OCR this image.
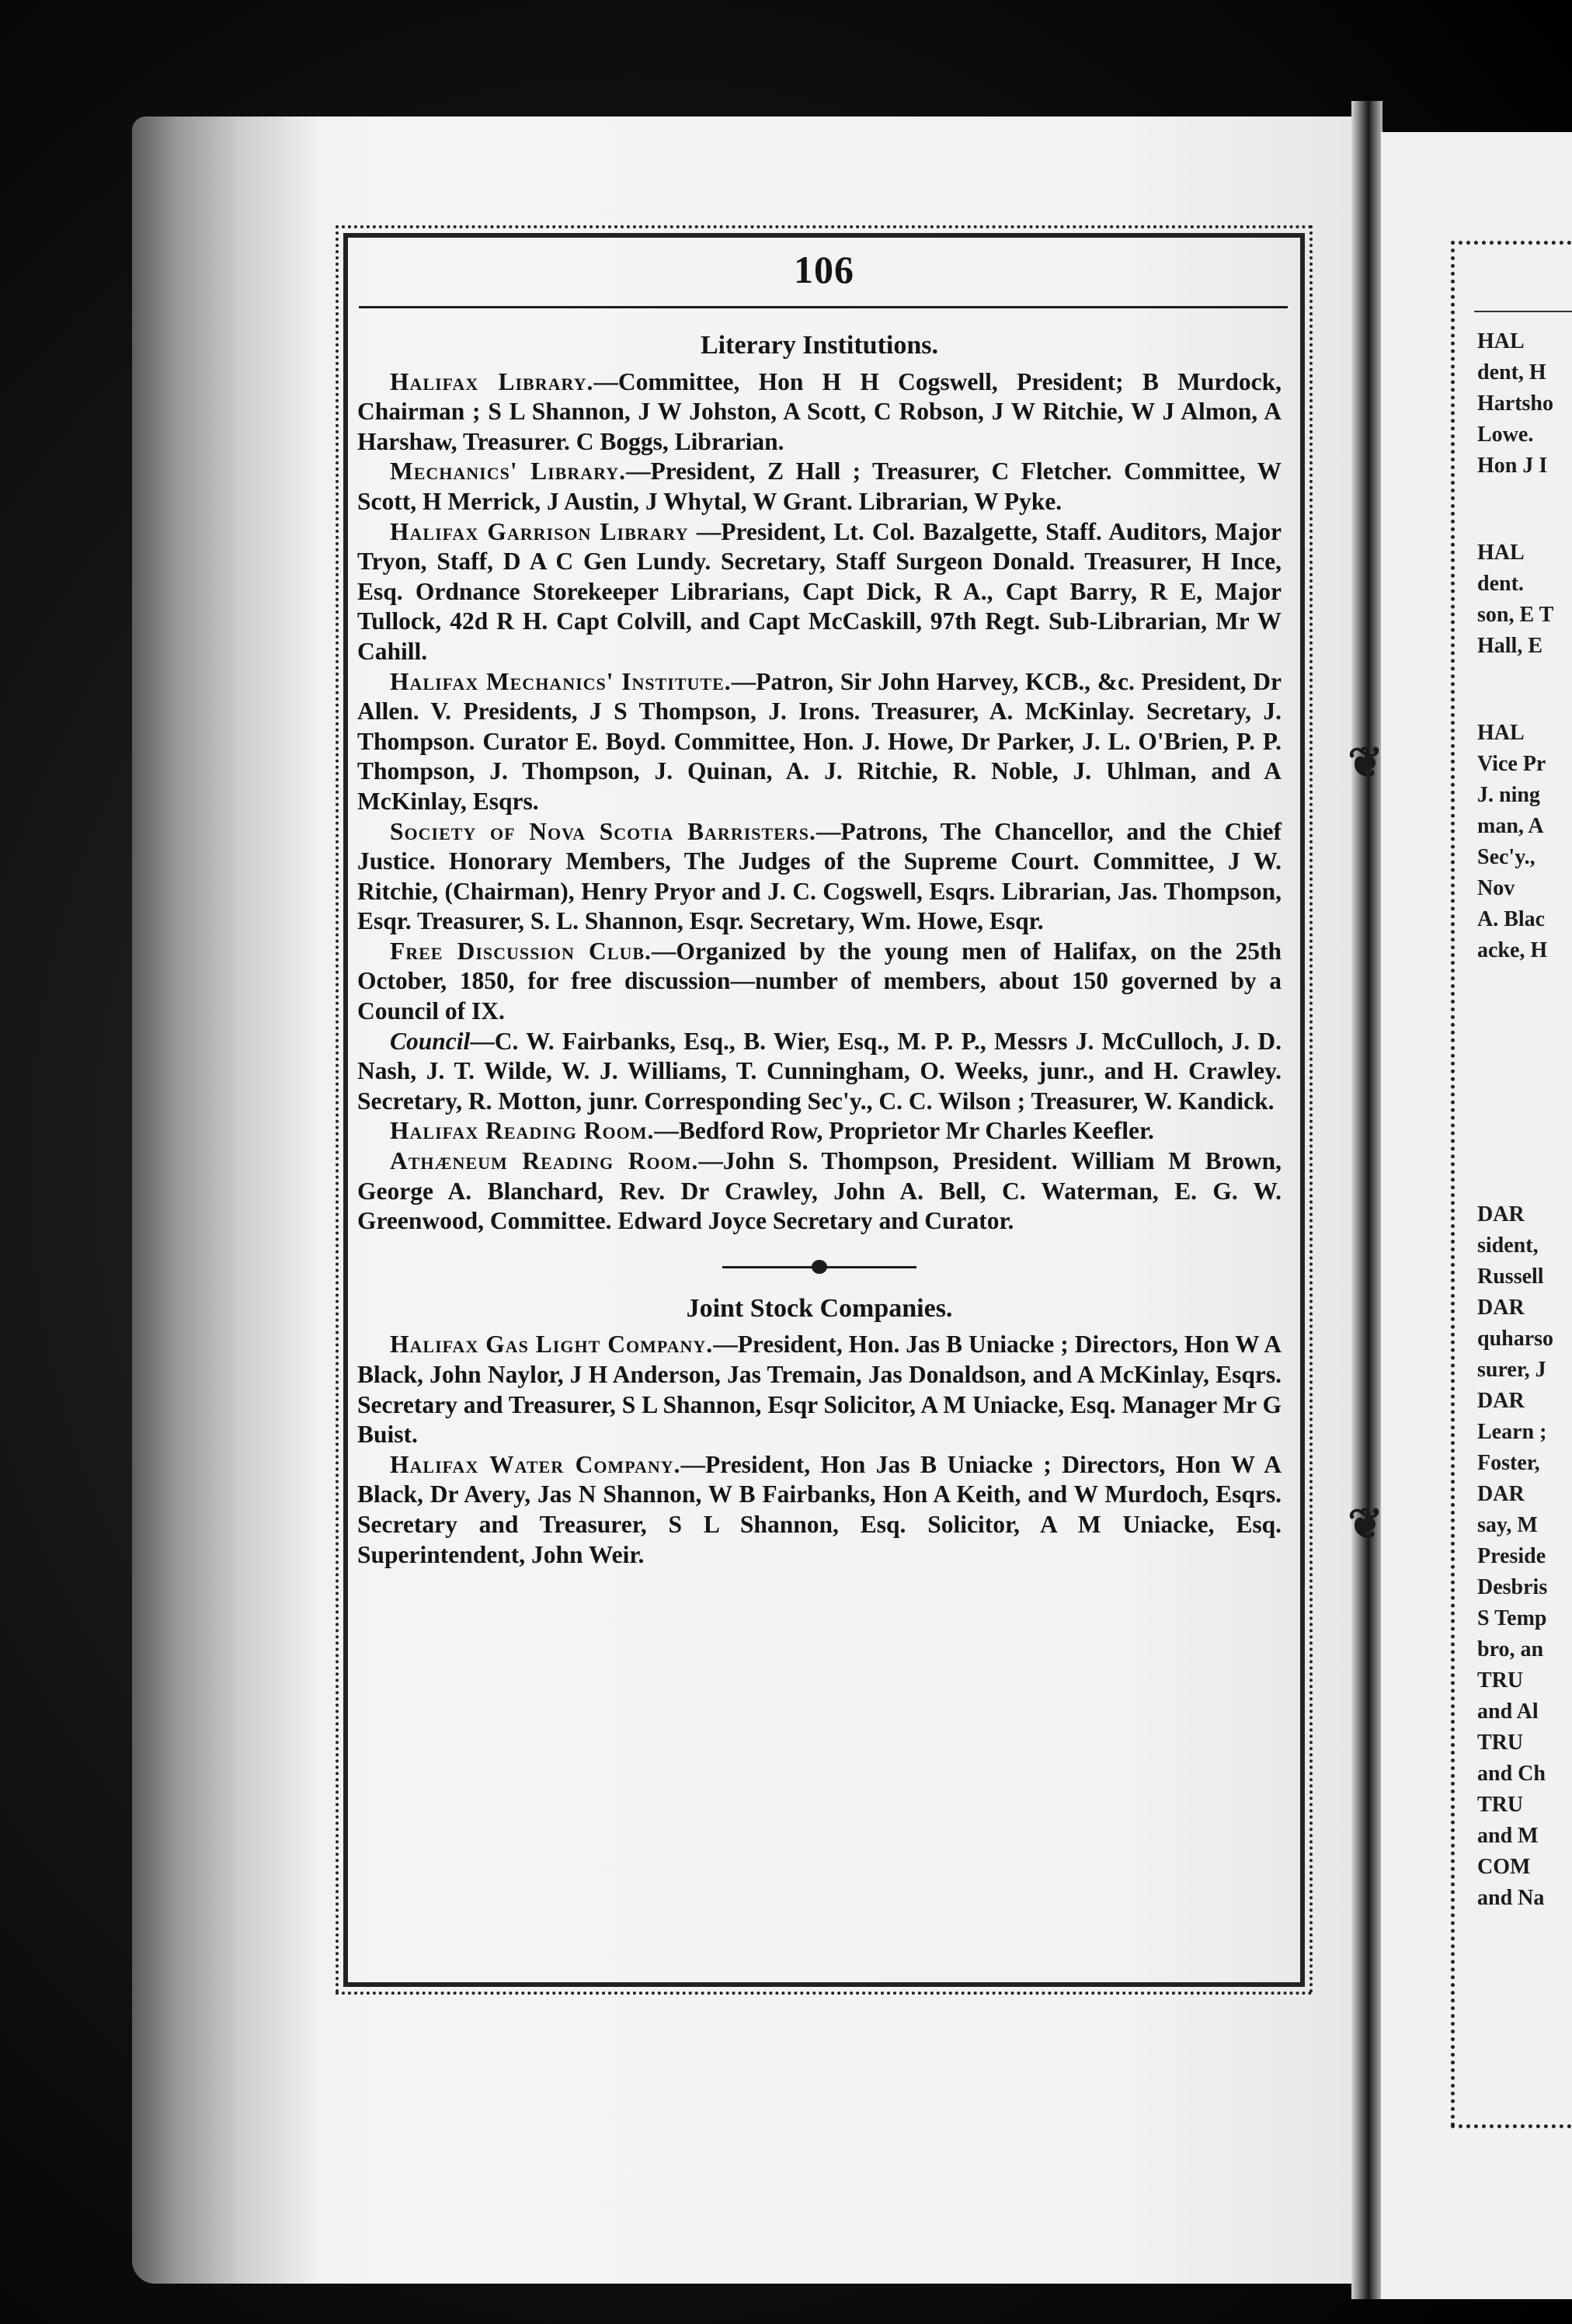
HAL
dent, H
Hartsho
Lowe.
Hon J I
HAL
dent.
son, E T
Hall, E
HAL
Vice Pr
J. ning
man, A
Sec'y.,
Nov
A. Blac
acke, H
DAR
sident,
Russell
DAR
quharso
surer, J
DAR
Learn ;
Foster,
DAR
say, M
Preside
Desbris
S Temp
bro, an
TRU
and Al
TRU
and Ch
TRU
and M
COM
and Na
❦
❦
106
Literary Institutions.

Halifax Library.—Committee, Hon H H Cogswell, President; B Murdock, Chairman ; S L Shannon, J W Johston, A Scott, C Robson, J W Ritchie, W J Almon, A Harshaw, Treasurer. C Boggs, Librarian.

Mechanics' Library.—President, Z Hall ; Treasurer, C Fletcher. Committee, W Scott, H Merrick, J Austin, J Whytal, W Grant. Librarian, W Pyke.

Halifax Garrison Library —President, Lt. Col. Bazalgette, Staff. Auditors, Major Tryon, Staff, D A C Gen Lundy. Secretary, Staff Surgeon Donald. Treasurer, H Ince, Esq. Ordnance Storekeeper Librarians, Capt Dick, R A., Capt Barry, R E, Major Tullock, 42d R H. Capt Colvill, and Capt McCaskill, 97th Regt. Sub-Librarian, Mr W Cahill.

Halifax Mechanics' Institute.—Patron, Sir John Harvey, KCB., &c. President, Dr Allen. V. Presidents, J S Thompson, J. Irons. Treasurer, A. McKinlay. Secretary, J. Thompson. Curator E. Boyd. Committee, Hon. J. Howe, Dr Parker, J. L. O'Brien, P. P. Thompson, J. Thompson, J. Quinan, A. J. Ritchie, R. Noble, J. Uhlman, and A McKinlay, Esqrs.

Society of Nova Scotia Barristers.—Patrons, The Chancellor, and the Chief Justice. Honorary Members, The Judges of the Supreme Court. Committee, J W. Ritchie, (Chairman), Henry Pryor and J. C. Cogswell, Esqrs. Librarian, Jas. Thompson, Esqr. Treasurer, S. L. Shannon, Esqr. Secretary, Wm. Howe, Esqr.

Free Discussion Club.—Organized by the young men of Halifax, on the 25th October, 1850, for free discussion—number of members, about 150 governed by a Council of IX.

Council—C. W. Fairbanks, Esq., B. Wier, Esq., M. P. P., Messrs J. McCulloch, J. D. Nash, J. T. Wilde, W. J. Williams, T. Cunningham, O. Weeks, junr., and H. Crawley. Secretary, R. Motton, junr. Corresponding Sec'y., C. C. Wilson ; Treasurer, W. Kandick.

Halifax Reading Room.—Bedford Row, Proprietor Mr Charles Keefler.

Athæneum Reading Room.—John S. Thompson, President. William M Brown, George A. Blanchard, Rev. Dr Crawley, John A. Bell, C. Waterman, E. G. W. Greenwood, Committee. Edward Joyce Secretary and Curator.

Joint Stock Companies.

Halifax Gas Light Company.—President, Hon. Jas B Uniacke ; Directors, Hon W A Black, John Naylor, J H Anderson, Jas Tremain, Jas Donaldson, and A McKinlay, Esqrs. Secretary and Treasurer, S L Shannon, Esqr Solicitor, A M Uniacke, Esq. Manager Mr G Buist.

Halifax Water Company.—President, Hon Jas B Uniacke ; Directors, Hon W A Black, Dr Avery, Jas N Shannon, W B Fairbanks, Hon A Keith, and W Murdoch, Esqrs. Secretary and Treasurer, S L Shannon, Esq. Solicitor, A M Uniacke, Esq. Superintendent, John Weir.
